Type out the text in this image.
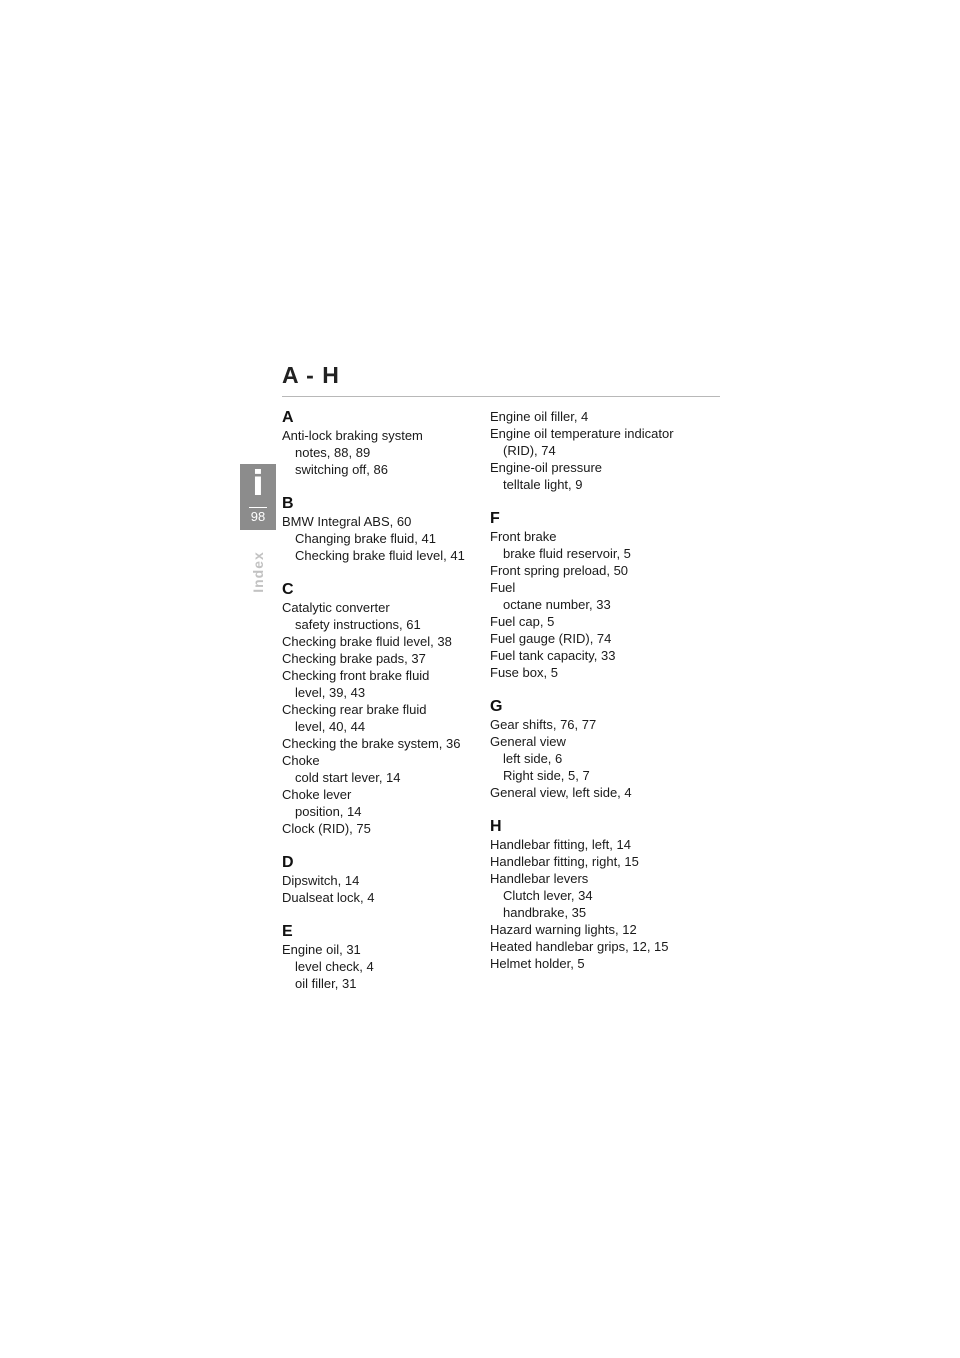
A - H
i
98
Index
A
Anti-lock braking system
notes, 88, 89
switching off, 86
B
BMW Integral ABS, 60
Changing brake fluid, 41
Checking brake fluid level, 41
C
Catalytic converter
safety instructions, 61
Checking brake fluid level, 38
Checking brake pads, 37
Checking front brake fluid
level, 39, 43
Checking rear brake fluid
level, 40, 44
Checking the brake system, 36
Choke
cold start lever, 14
Choke lever
position, 14
Clock (RID), 75
D
Dipswitch, 14
Dualseat lock, 4
E
Engine oil, 31
level check, 4
oil filler, 31
Engine oil filler, 4
Engine oil temperature indicator
(RID), 74
Engine-oil pressure
telltale light, 9
F
Front brake
brake fluid reservoir, 5
Front spring preload, 50
Fuel
octane number, 33
Fuel cap, 5
Fuel gauge (RID), 74
Fuel tank capacity, 33
Fuse box, 5
G
Gear shifts, 76, 77
General view
left side, 6
Right side, 5, 7
General view, left side, 4
H
Handlebar fitting, left, 14
Handlebar fitting, right, 15
Handlebar levers
Clutch lever, 34
handbrake, 35
Hazard warning lights, 12
Heated handlebar grips, 12, 15
Helmet holder, 5
